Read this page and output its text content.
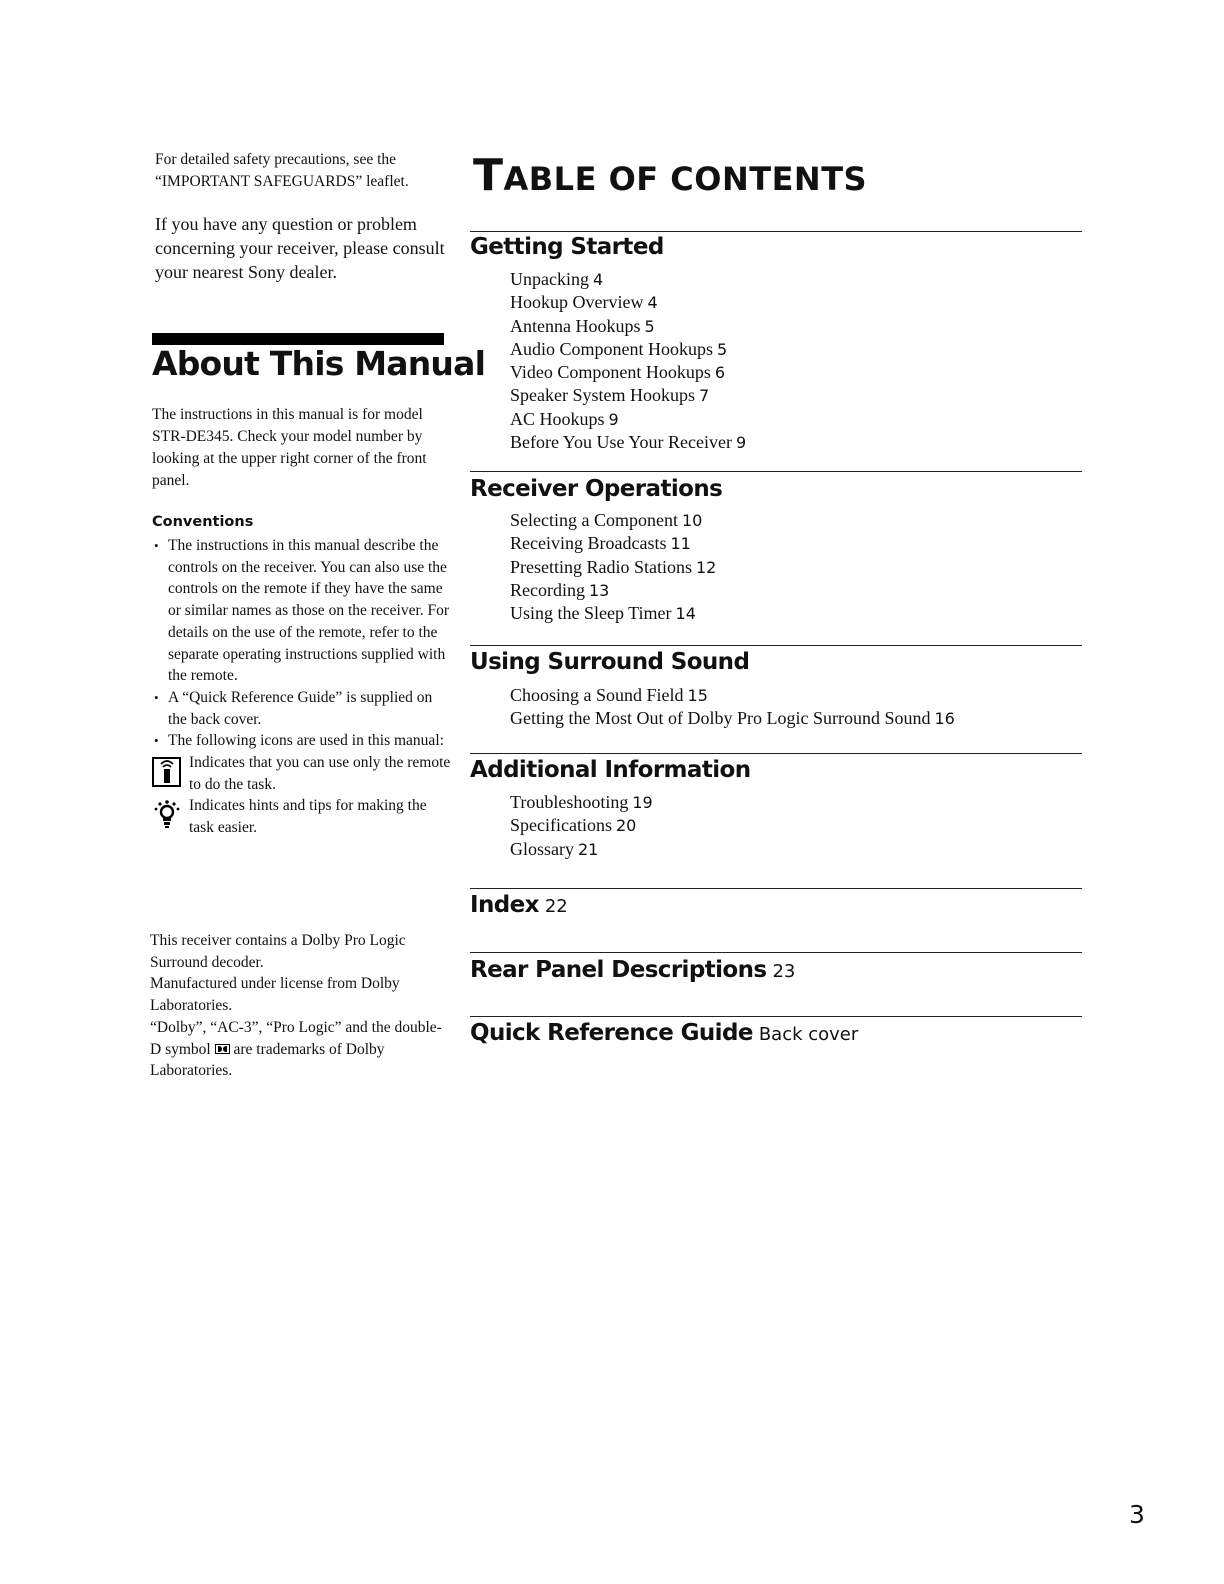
For detailed safety precautions, see the “IMPORTANT SAFEGUARDS” leaflet.
If you have any question or problem concerning your receiver, please consult your nearest Sony dealer.
About This Manual
The instructions in this manual is for model STR-DE345. Check your model number by looking at the upper right corner of the front panel.
Conventions

• The instructions in this manual describe the controls on the receiver. You can also use the controls on the remote if they have the same or similar names as those on the receiver. For details on the use of the remote, refer to the separate operating instructions supplied with the remote.

• A “Quick Reference Guide” is supplied on the back cover.

• The following icons are used in this manual:

Indicates that you can use only the remote to do the task.

Indicates hints and tips for making the task easier.

This receiver contains a Dolby Pro Logic Surround decoder.
Manufactured under license from Dolby Laboratories.
“Dolby”, “AC-3”, “Pro Logic” and the double-D symbol are trademarks of Dolby Laboratories.
TABLE OF CONTENTS
Getting Started
Unpacking 4
Hookup Overview 4
Antenna Hookups 5
Audio Component Hookups 5
Video Component Hookups 6
Speaker System Hookups 7
AC Hookups 9
Before You Use Your Receiver 9
Receiver Operations
Selecting a Component 10
Receiving Broadcasts 11
Presetting Radio Stations 12
Recording 13
Using the Sleep Timer 14
Using Surround Sound
Choosing a Sound Field 15
Getting the Most Out of Dolby Pro Logic Surround Sound 16
Additional Information
Troubleshooting 19
Specifications 20
Glossary 21
Index 22
Rear Panel Descriptions 23
Quick Reference Guide Back cover
3
